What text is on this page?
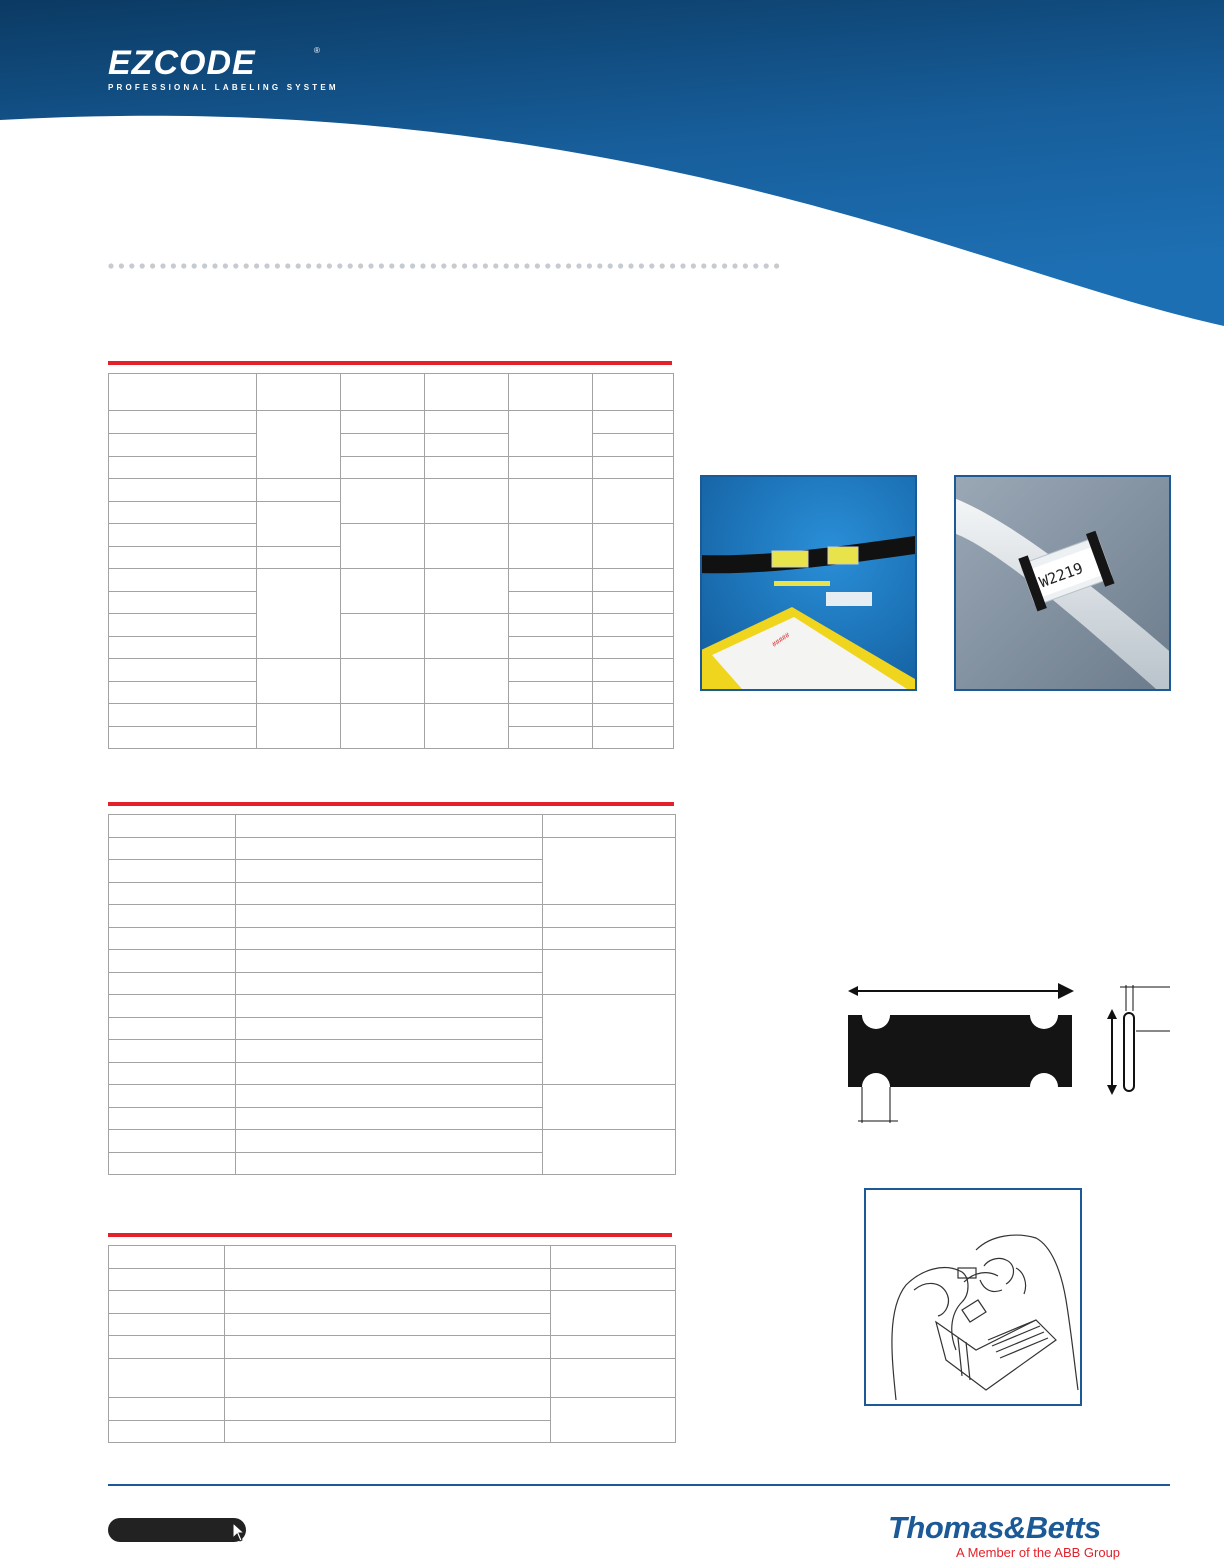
EZCODE	®
PROFESSIONAL LABELING SYSTEM

#####
W2219
Thomas&Betts
A Member of the ABB Group
